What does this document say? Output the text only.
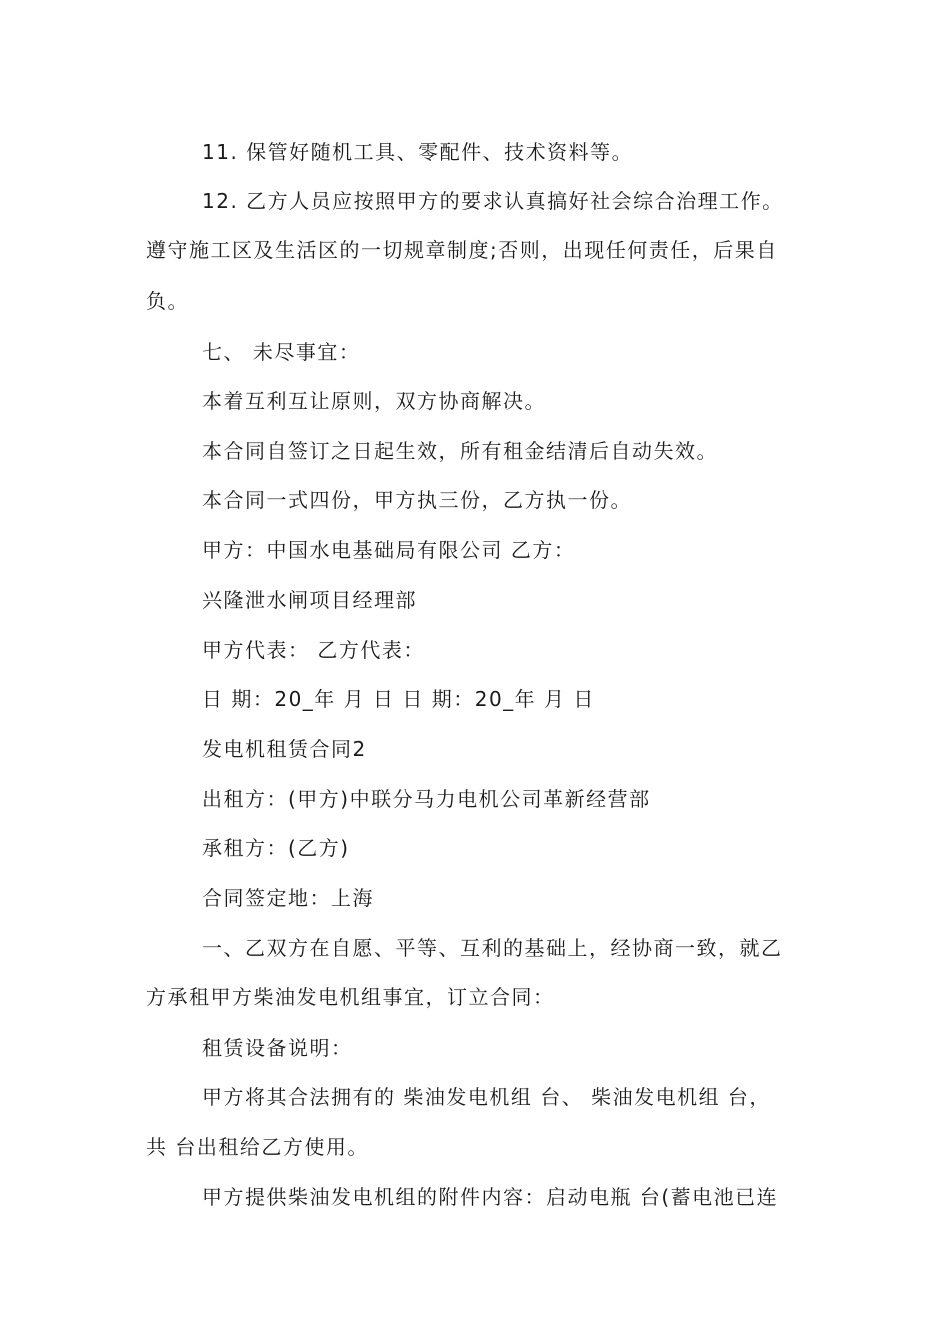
11. 保管好随机工具、零配件、技术资料等。
12. 乙方人员应按照甲方的要求认真搞好社会综合治理工作。
遵守施工区及生活区的一切规章制度;否则，出现任何责任，后果自
负。
七、 未尽事宜：
本着互利互让原则，双方协商解决。
本合同自签订之日起生效，所有租金结清后自动失效。
本合同一式四份，甲方执三份，乙方执一份。
甲方：中国水电基础局有限公司 乙方：
兴隆泄水闸项目经理部
甲方代表： 乙方代表：
日 期：20_年 月 日 日 期：20_年 月 日
发电机租赁合同2
出租方：(甲方)中联分马力电机公司革新经营部
承租方：(乙方)
合同签定地：上海
一、乙双方在自愿、平等、互利的基础上，经协商一致，就乙
方承租甲方柴油发电机组事宜，订立合同：
租赁设备说明：
甲方将其合法拥有的 柴油发电机组 台、 柴油发电机组 台，
共 台出租给乙方使用。
甲方提供柴油发电机组的附件内容：启动电瓶 台(蓄电池已连
